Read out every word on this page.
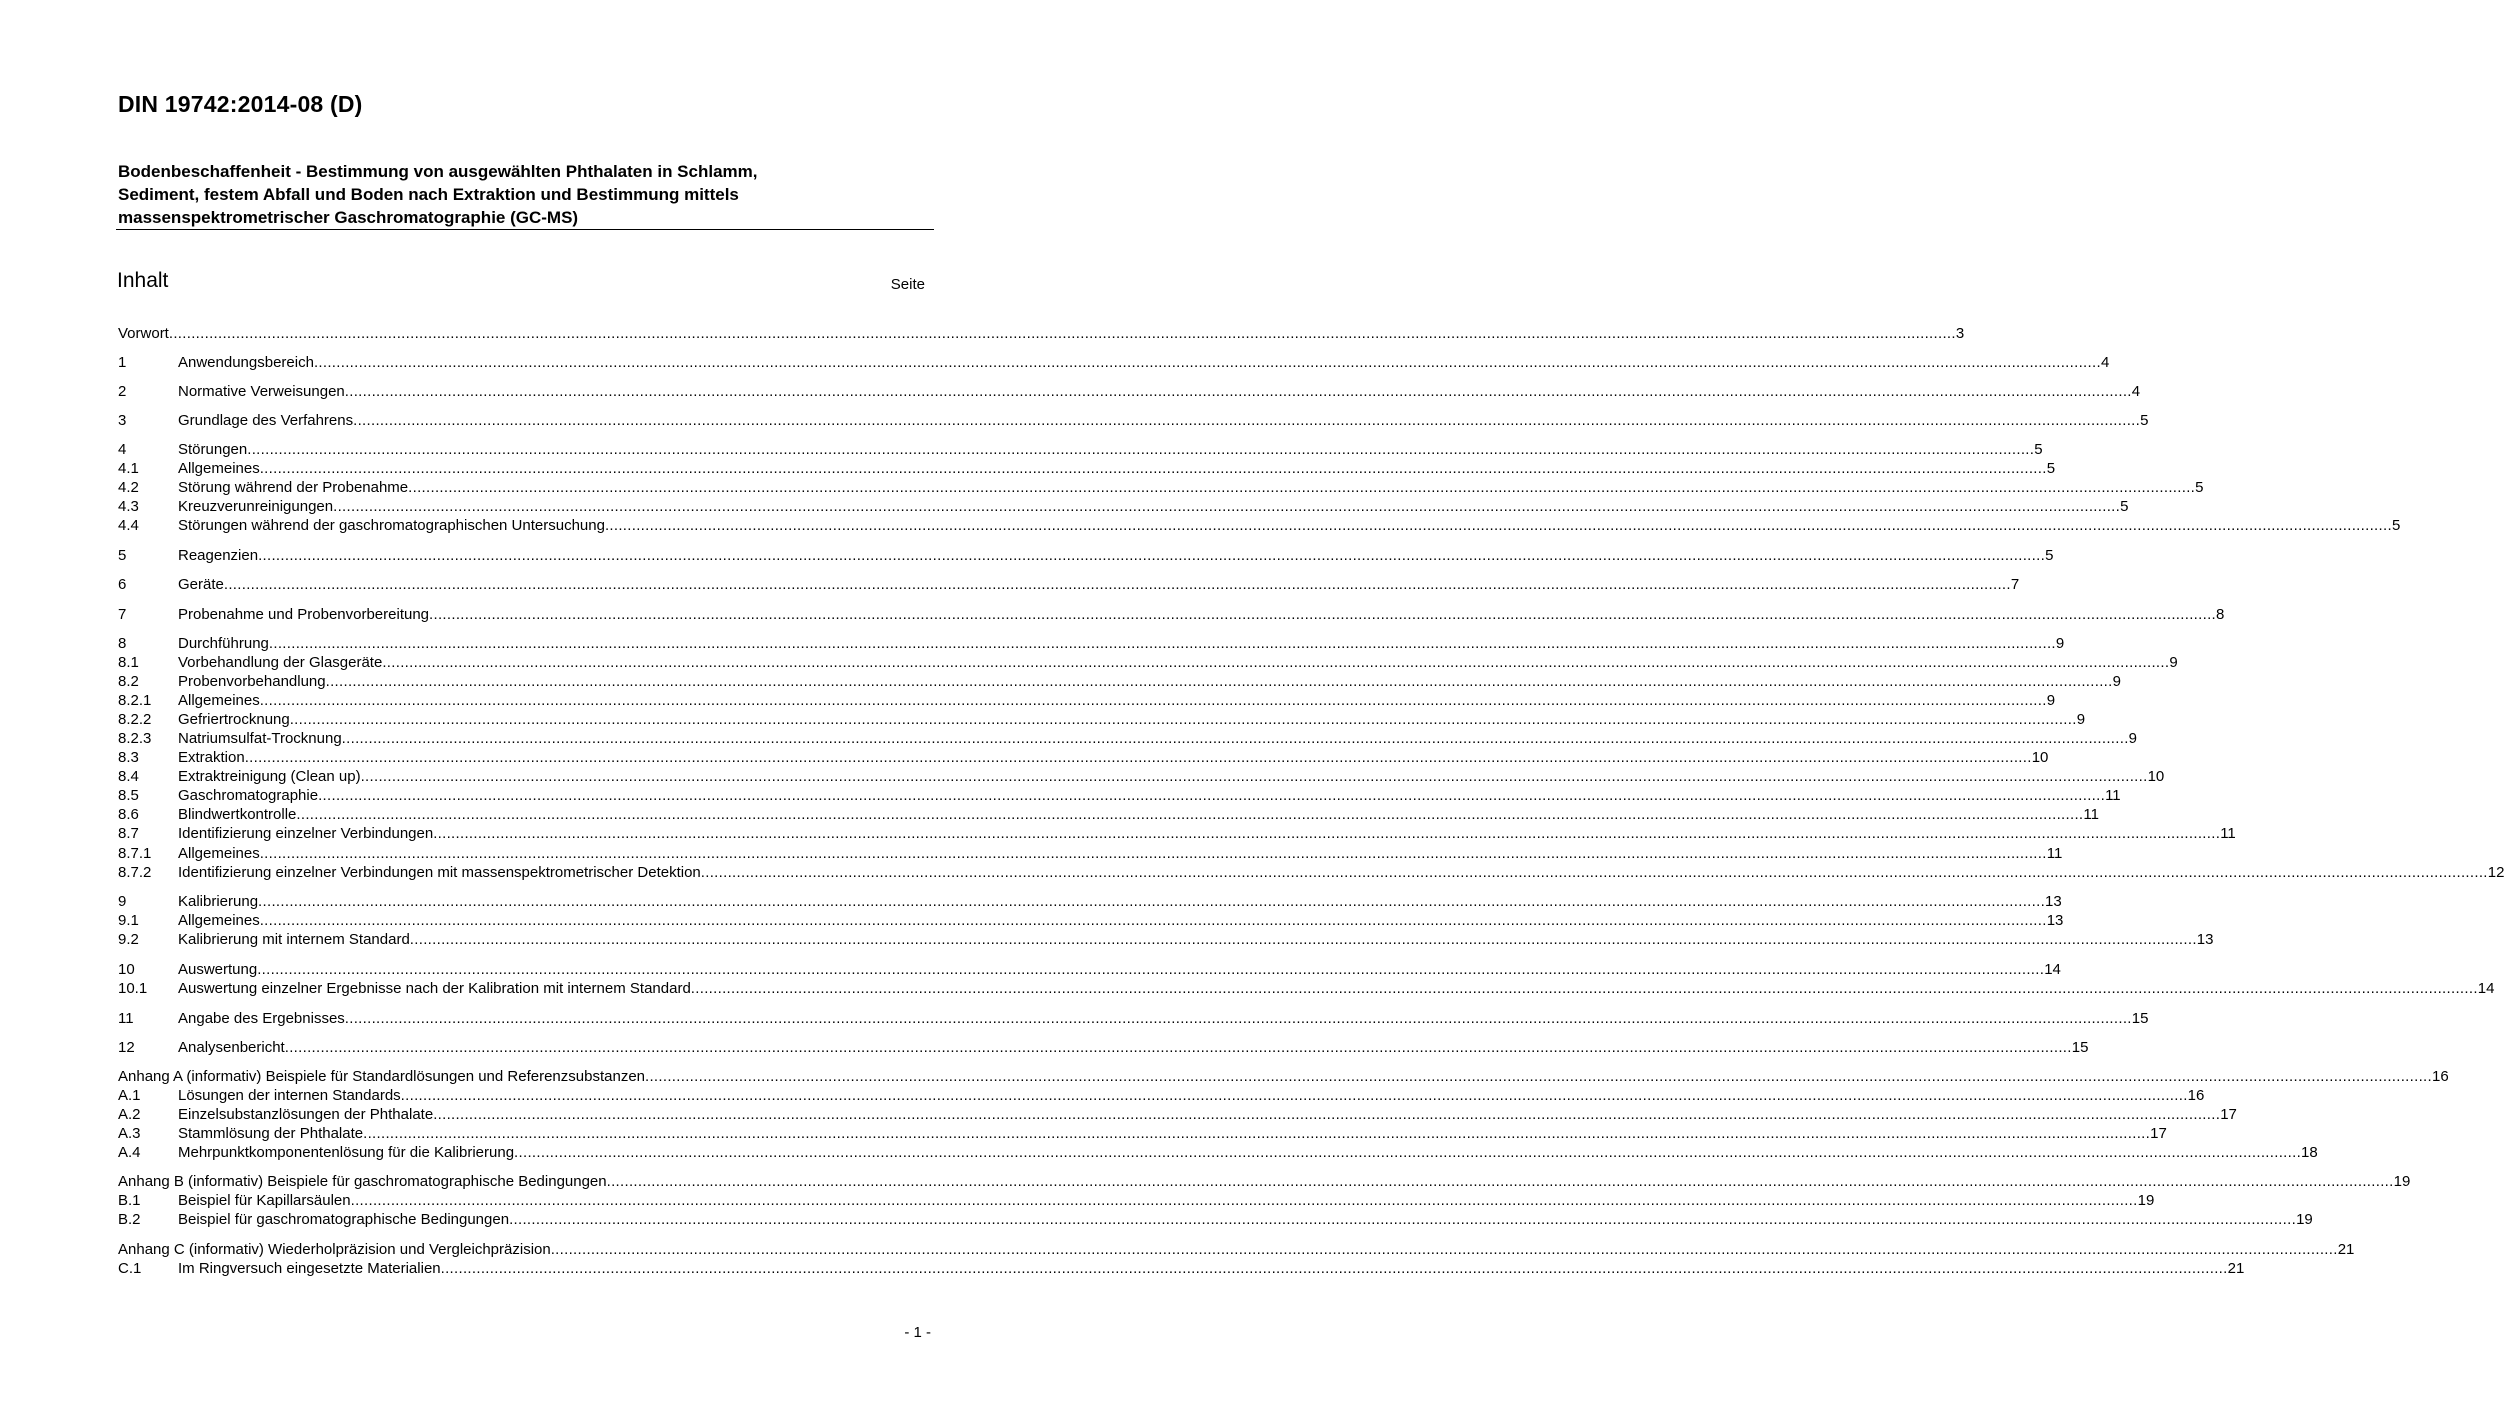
DIN 19742:2014-08 (D)
Bodenbeschaffenheit - Bestimmung von ausgewählten Phthalaten in Schlamm,
Sediment, festem Abfall und Boden nach Extraktion und Bestimmung mittels
massenspektrometrischer Gaschromatographie (GC-MS)
Inhalt	Seite
Vorwort ................................................................................................................................................................................................................................................................................................................................................................................................................ 3
1	Anwendungsbereich ................................................................................................................................................................................................................................................................................................................................................................................................................ 4
2	Normative Verweisungen ................................................................................................................................................................................................................................................................................................................................................................................................................ 4
3	Grundlage des Verfahrens ................................................................................................................................................................................................................................................................................................................................................................................................................ 5
4	Störungen ................................................................................................................................................................................................................................................................................................................................................................................................................ 5
4.1	Allgemeines ................................................................................................................................................................................................................................................................................................................................................................................................................ 5
4.2	Störung während der Probenahme ................................................................................................................................................................................................................................................................................................................................................................................................................ 5
4.3	Kreuzverunreinigungen ................................................................................................................................................................................................................................................................................................................................................................................................................ 5
4.4	Störungen während der gaschromatographischen Untersuchung ................................................................................................................................................................................................................................................................................................................................................................................................................ 5
5	Reagenzien ................................................................................................................................................................................................................................................................................................................................................................................................................ 5
6	Geräte ................................................................................................................................................................................................................................................................................................................................................................................................................ 7
7	Probenahme und Probenvorbereitung ................................................................................................................................................................................................................................................................................................................................................................................................................ 8
8	Durchführung ................................................................................................................................................................................................................................................................................................................................................................................................................ 9
8.1	Vorbehandlung der Glasgeräte ................................................................................................................................................................................................................................................................................................................................................................................................................ 9
8.2	Probenvorbehandlung ................................................................................................................................................................................................................................................................................................................................................................................................................ 9
8.2.1 Allgemeines ................................................................................................................................................................................................................................................................................................................................................................................................................ 9
8.2.2 Gefriertrocknung ................................................................................................................................................................................................................................................................................................................................................................................................................ 9
8.2.3 Natriumsulfat-Trocknung ................................................................................................................................................................................................................................................................................................................................................................................................................ 9
8.3	Extraktion ................................................................................................................................................................................................................................................................................................................................................................................................................ 10
8.4	Extraktreinigung (Clean up) ................................................................................................................................................................................................................................................................................................................................................................................................................ 10
8.5	Gaschromatographie ................................................................................................................................................................................................................................................................................................................................................................................................................ 11
8.6	Blindwertkontrolle ................................................................................................................................................................................................................................................................................................................................................................................................................ 11
8.7	Identifizierung einzelner Verbindungen ................................................................................................................................................................................................................................................................................................................................................................................................................ 11
8.7.1 Allgemeines ................................................................................................................................................................................................................................................................................................................................................................................................................ 11
8.7.2 Identifizierung einzelner Verbindungen mit massenspektrometrischer Detektion ................................................................................................................................................................................................................................................................................................................................................................................................................ 12
9	Kalibrierung ................................................................................................................................................................................................................................................................................................................................................................................................................ 13
9.1	Allgemeines ................................................................................................................................................................................................................................................................................................................................................................................................................ 13
9.2	Kalibrierung mit internem Standard ................................................................................................................................................................................................................................................................................................................................................................................................................ 13
10	Auswertung ................................................................................................................................................................................................................................................................................................................................................................................................................ 14
10.1 Auswertung einzelner Ergebnisse nach der Kalibration mit internem Standard ................................................................................................................................................................................................................................................................................................................................................................................................................ 14
11	Angabe des Ergebnisses ................................................................................................................................................................................................................................................................................................................................................................................................................ 15
12	Analysenbericht ................................................................................................................................................................................................................................................................................................................................................................................................................ 15
Anhang A (informativ) Beispiele für Standardlösungen und Referenzsubstanzen ................................................................................................................................................................................................................................................................................................................................................................................................................ 16
A.1 Lösungen der internen Standards ................................................................................................................................................................................................................................................................................................................................................................................................................ 16
A.2 Einzelsubstanzlösungen der Phthalate ................................................................................................................................................................................................................................................................................................................................................................................................................ 17
A.3 Stammlösung der Phthalate ................................................................................................................................................................................................................................................................................................................................................................................................................ 17
A.4 Mehrpunktkomponentenlösung für die Kalibrierung ................................................................................................................................................................................................................................................................................................................................................................................................................ 18
Anhang B (informativ) Beispiele für gaschromatographische Bedingungen ................................................................................................................................................................................................................................................................................................................................................................................................................ 19
B.1 Beispiel für Kapillarsäulen ................................................................................................................................................................................................................................................................................................................................................................................................................ 19
B.2 Beispiel für gaschromatographische Bedingungen ................................................................................................................................................................................................................................................................................................................................................................................................................ 19
Anhang C (informativ) Wiederholpräzision und Vergleichpräzision ................................................................................................................................................................................................................................................................................................................................................................................................................ 21
C.1 Im Ringversuch eingesetzte Materialien ................................................................................................................................................................................................................................................................................................................................................................................................................ 21
- 1 -
